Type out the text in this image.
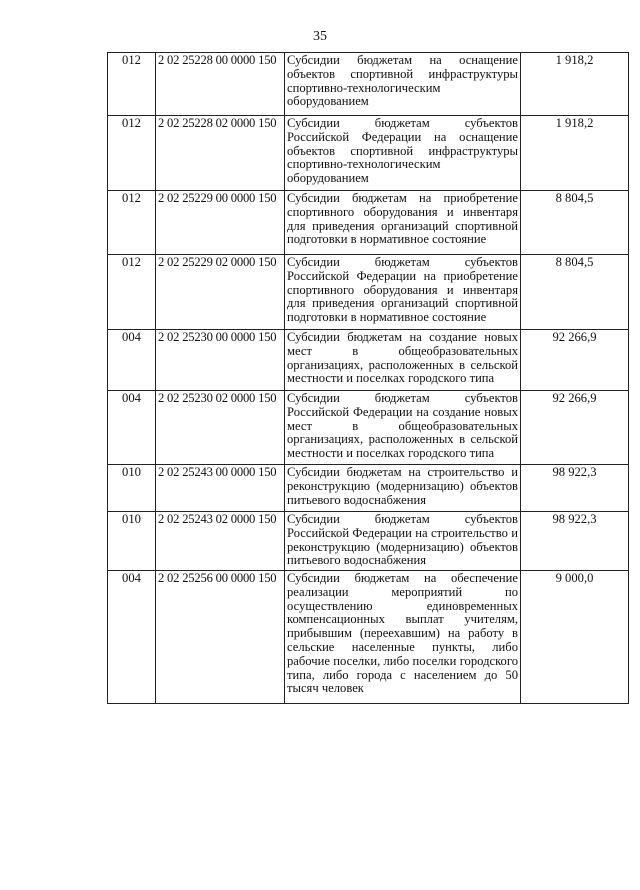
35
012	2 02 25228 00 0000 150	Субсидии бюджетам на оснащение объектов спортивной инфраструктуры спортивно-технологическим оборудованием	1 918,2
012	2 02 25228 02 0000 150	Субсидии бюджетам субъектов Российской Федерации на оснащение объектов спортивной инфраструктуры спортивно-технологическим оборудованием	1 918,2
012	2 02 25229 00 0000 150	Субсидии бюджетам на приобретение спортивного оборудования и инвентаря для приведения организаций спортивной подготовки в нормативное состояние	8 804,5
012	2 02 25229 02 0000 150	Субсидии бюджетам субъектов Российской Федерации на приобретение спортивного оборудования и инвентаря для приведения организаций спортивной подготовки в нормативное состояние	8 804,5
004	2 02 25230 00 0000 150	Субсидии бюджетам на создание новых мест в общеобразовательных организациях, расположенных в сельской местности и поселках городского типа	92 266,9
004	2 02 25230 02 0000 150	Субсидии бюджетам субъектов Российской Федерации на создание новых мест в общеобразовательных организациях, расположенных в сельской местности и поселках городского типа	92 266,9
010	2 02 25243 00 0000 150	Субсидии бюджетам на строительство и реконструкцию (модернизацию) объектов питьевого водоснабжения	98 922,3
010	2 02 25243 02 0000 150	Субсидии бюджетам субъектов Российской Федерации на строительство и реконструкцию (модернизацию) объектов питьевого водоснабжения	98 922,3
004	2 02 25256 00 0000 150	Субсидии бюджетам на обеспечение реализации мероприятий по осуществлению единовременных компенсационных выплат учителям, прибывшим (переехавшим) на работу в сельские населенные пункты, либо рабочие поселки, либо поселки городского типа, либо города с населением до 50 тысяч человек	9 000,0
